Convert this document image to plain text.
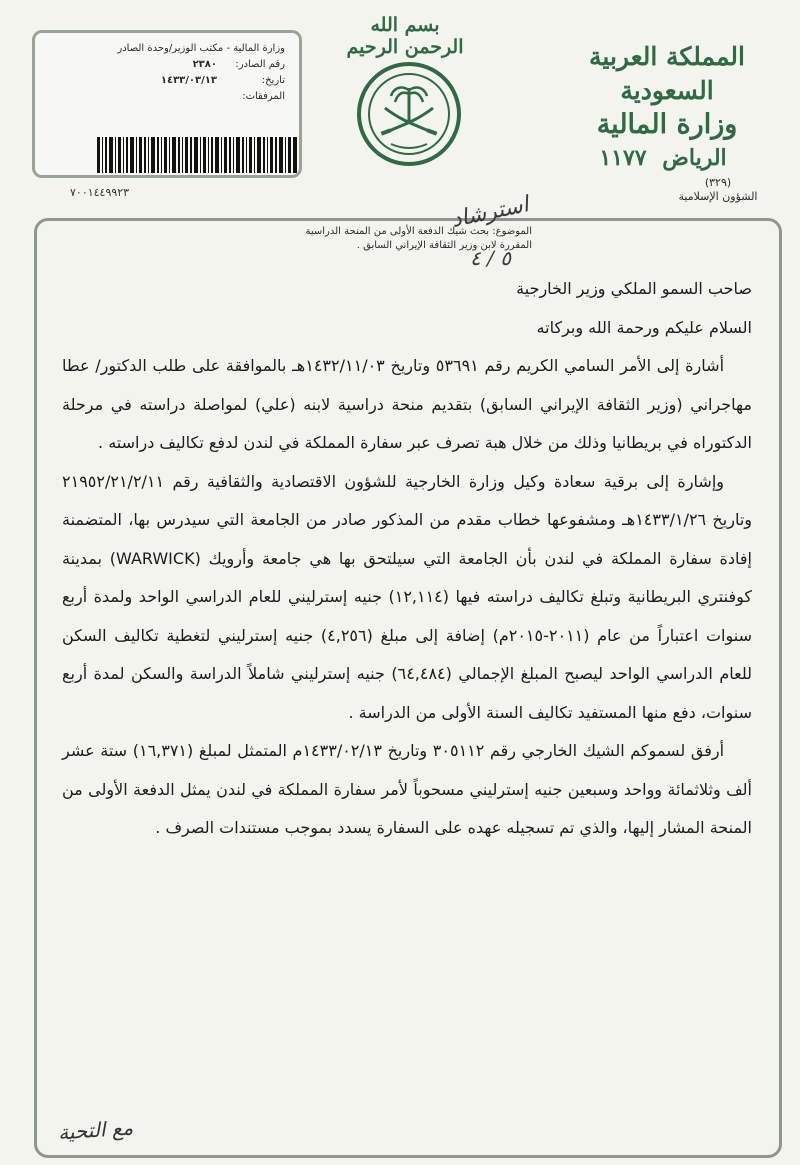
المملكة العربية السعودية
وزارة المالية
الرياض ١١٧٧
بسم الله الرحمن الرحيم
وزارة المالية - مكتب الوزير/وحدة الصادر
رقم الصادر:
٢٣٨٠
تاريخ:
١٤٣٣/٠٣/١٣
المرفقات:
٧٠٠١٤٤٩٩٢٣
(٣٢٩)
الشؤون الإسلامية
الموضوع: بحث شيك الدفعة الأولى من المنحة الدراسية
المقررة لابن وزير الثقافة الإيراني السابق .
استرشاد
٥ / ٤

صاحب السمو الملكي وزير الخارجية

السلام عليكم ورحمة الله وبركاته

أشارة إلى الأمر السامي الكريم رقم ٥٣٦٩١ وتاريخ ١٤٣٢/١١/٠٣هـ بالموافقة على طلب الدكتور/ عطا مهاجراني (وزير الثقافة الإيراني السابق) بتقديم منحة دراسية لابنه (علي) لمواصلة دراسته في مرحلة الدكتوراه في بريطانيا وذلك من خلال هبة تصرف عبر سفارة المملكة في لندن لدفع تكاليف دراسته .

وإشارة إلى برقية سعادة وكيل وزارة الخارجية للشؤون الاقتصادية والثقافية رقم ٢١٩٥٢/٢١/٢/١١ وتاريخ ١٤٣٣/١/٢٦هـ ومشفوعها خطاب مقدم من المذكور صادر من الجامعة التي سيدرس بها، المتضمنة إفادة سفارة المملكة في لندن بأن الجامعة التي سيلتحق بها هي جامعة وأرويك (WARWICK) بمدينة كوفنتري البريطانية وتبلغ تكاليف دراسته فيها (١٢,١١٤) جنيه إسترليني للعام الدراسي الواحد ولمدة أربع سنوات اعتباراً من عام (٢٠١١-٢٠١٥م) إضافة إلى مبلغ (٤,٢٥٦) جنيه إسترليني لتغطية تكاليف السكن للعام الدراسي الواحد ليصبح المبلغ الإجمالي (٦٤,٤٨٤) جنيه إسترليني شاملاً الدراسة والسكن لمدة أربع سنوات، دفع منها المستفيد تكاليف السنة الأولى من الدراسة .

أرفق لسموكم الشيك الخارجي رقم ٣٠٥١١٢ وتاريخ ١٤٣٣/٠٢/١٣م المتمثل لمبلغ (١٦,٣٧١) ستة عشر ألف وثلاثمائة وواحد وسبعين جنيه إسترليني مسحوباً لأمر سفارة المملكة في لندن يمثل الدفعة الأولى من المنحة المشار إليها، والذي تم تسجيله عهده على السفارة يسدد بموجب مستندات الصرف .

مع التحية
